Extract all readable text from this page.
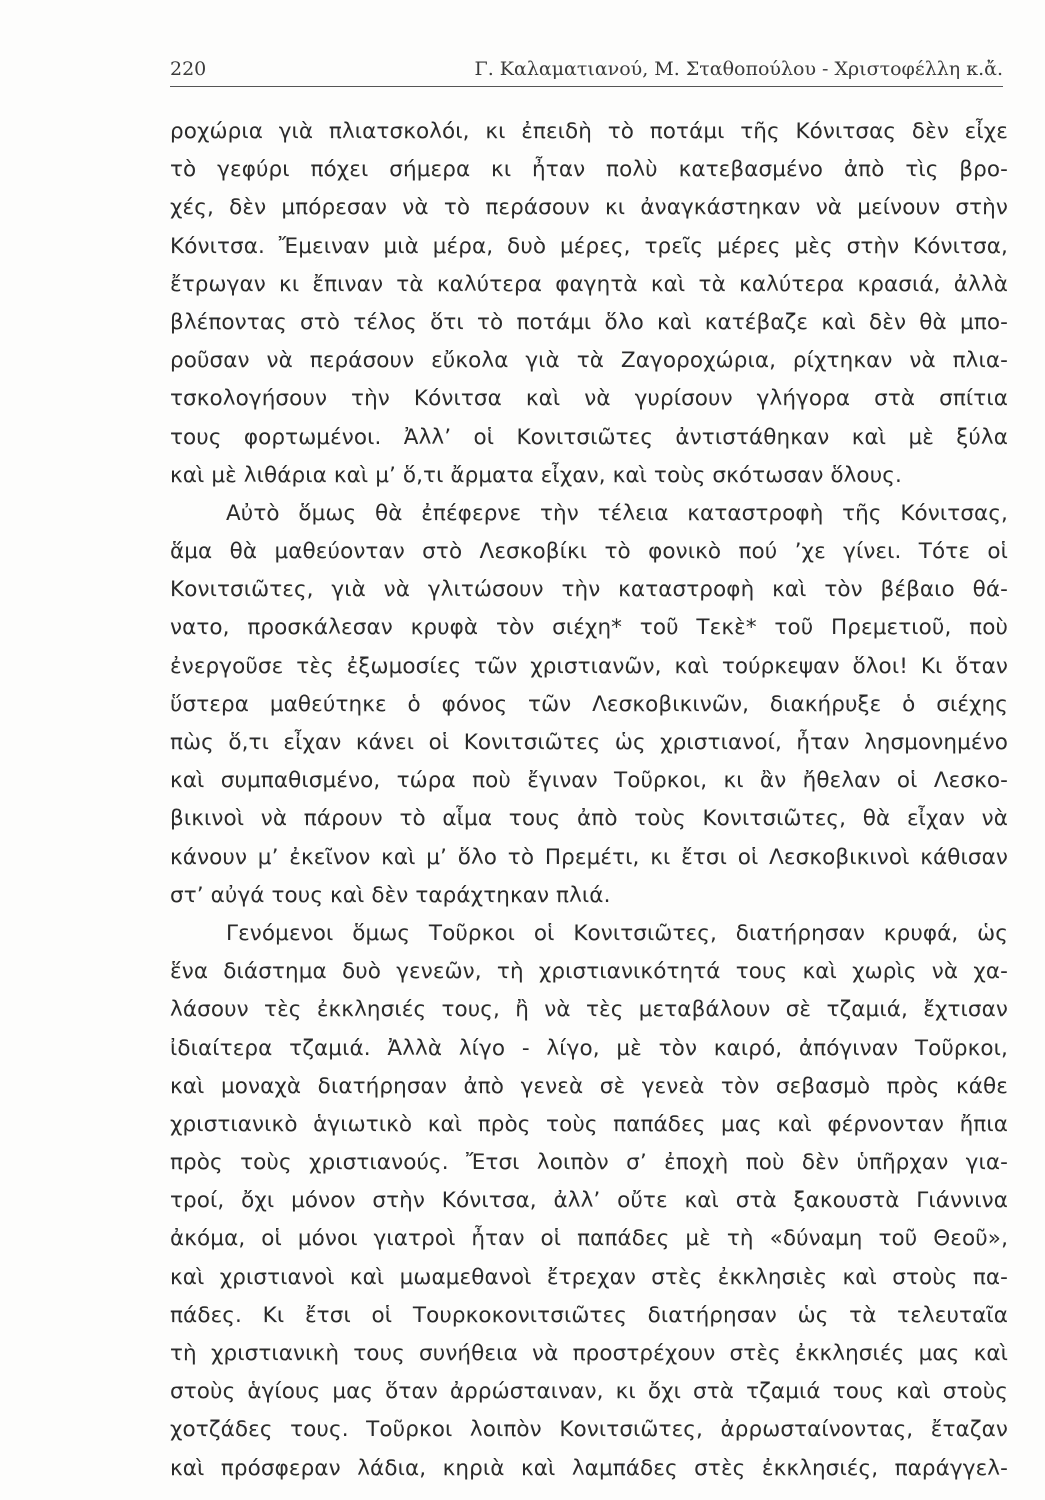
220	Γ. Καλαματιανού, Μ. Σταθοπούλου - Χριστοφέλλη κ.ἄ.
ροχώρια γιὰ πλιατσκολόι, κι ἐπειδὴ τὸ ποτάμι τῆς Κόνιτσας δὲν εἶχε
τὸ γεφύρι πόχει σήμερα κι ἦταν πολὺ κατεβασμένο ἀπὸ τὶς βρο-
χές, δὲν μπόρεσαν νὰ τὸ περάσουν κι ἀναγκάστηκαν νὰ μείνουν στὴν
Κόνιτσα. Ἔμειναν μιὰ μέρα, δυὸ μέρες, τρεῖς μέρες μὲς στὴν Κόνιτσα,
ἔτρωγαν κι ἔπιναν τὰ καλύτερα φαγητὰ καὶ τὰ καλύτερα κρασιά, ἀλλὰ
βλέποντας στὸ τέλος ὅτι τὸ ποτάμι ὅλο καὶ κατέβαζε καὶ δὲν θὰ μπο-
ροῦσαν νὰ περάσουν εὔκολα γιὰ τὰ Ζαγοροχώρια, ρίχτηκαν νὰ πλια-
τσκολογήσουν τὴν Κόνιτσα καὶ νὰ γυρίσουν γλήγορα στὰ σπίτια
τους φορτωμένοι. Ἀλλ’ οἱ Κονιτσιῶτες ἀντιστάθηκαν καὶ μὲ ξύλα
καὶ μὲ λιθάρια καὶ μ’ ὅ,τι ἄρματα εἶχαν, καὶ τοὺς σκότωσαν ὅλους.
Αὐτὸ ὅμως θὰ ἐπέφερνε τὴν τέλεια καταστροφὴ τῆς Κόνιτσας,
ἅμα θὰ μαθεύονταν στὸ Λεσκοβίκι τὸ φονικὸ πού ’χε γίνει. Τότε οἱ
Κονιτσιῶτες, γιὰ νὰ γλιτώσουν τὴν καταστροφὴ καὶ τὸν βέβαιο θά-
νατο, προσκάλεσαν κρυφὰ τὸν σιέχη* τοῦ Τεκὲ* τοῦ Πρεμετιοῦ, ποὺ
ἐνεργοῦσε τὲς ἐξωμοσίες τῶν χριστιανῶν, καὶ τούρκεψαν ὅλοι! Κι ὅταν
ὕστερα μαθεύτηκε ὁ φόνος τῶν Λεσκοβικινῶν, διακήρυξε ὁ σιέχης
πὼς ὅ,τι εἶχαν κάνει οἱ Κονιτσιῶτες ὡς χριστιανοί, ἦταν λησμονημένο
καὶ συμπαθισμένο, τώρα ποὺ ἔγιναν Τοῦρκοι, κι ἂν ἤθελαν οἱ Λεσκο-
βικινοὶ νὰ πάρουν τὸ αἷμα τους ἀπὸ τοὺς Κονιτσιῶτες, θὰ εἶχαν νὰ
κάνουν μ’ ἐκεῖνον καὶ μ’ ὅλο τὸ Πρεμέτι, κι ἔτσι οἱ Λεσκοβικινοὶ κάθισαν
στ’ αὐγά τους καὶ δὲν ταράχτηκαν πλιά.
Γενόμενοι ὅμως Τοῦρκοι οἱ Κονιτσιῶτες, διατήρησαν κρυφά, ὡς
ἕνα διάστημα δυὸ γενεῶν, τὴ χριστιανικότητά τους καὶ χωρὶς νὰ χα-
λάσουν τὲς ἐκκλησιές τους, ἢ νὰ τὲς μεταβάλουν σὲ τζαμιά, ἔχτισαν
ἰδιαίτερα τζαμιά. Ἀλλὰ λίγο - λίγο, μὲ τὸν καιρό, ἀπόγιναν Τοῦρκοι,
καὶ μοναχὰ διατήρησαν ἀπὸ γενεὰ σὲ γενεὰ τὸν σεβασμὸ πρὸς κάθε
χριστιανικὸ ἁγιωτικὸ καὶ πρὸς τοὺς παπάδες μας καὶ φέρνονταν ἤπια
πρὸς τοὺς χριστιανούς. Ἔτσι λοιπὸν σ’ ἐποχὴ ποὺ δὲν ὑπῆρχαν για-
τροί, ὄχι μόνον στὴν Κόνιτσα, ἀλλ’ οὔτε καὶ στὰ ξακουστὰ Γιάννινα
ἀκόμα, οἱ μόνοι γιατροὶ ἦταν οἱ παπάδες μὲ τὴ «δύναμη τοῦ Θεοῦ»,
καὶ χριστιανοὶ καὶ μωαμεθανοὶ ἔτρεχαν στὲς ἐκκλησιὲς καὶ στοὺς πα-
πάδες. Κι ἔτσι οἱ Τουρκοκονιτσιῶτες διατήρησαν ὡς τὰ τελευταῖα
τὴ χριστιανικὴ τους συνήθεια νὰ προστρέχουν στὲς ἐκκλησιές μας καὶ
στοὺς ἁγίους μας ὅταν ἀρρώσταιναν, κι ὄχι στὰ τζαμιά τους καὶ στοὺς
χοτζάδες τους. Τοῦρκοι λοιπὸν Κονιτσιῶτες, ἀρρωσταίνοντας, ἔταζαν
καὶ πρόσφεραν λάδια, κηριὰ καὶ λαμπάδες στὲς ἐκκλησιές, παράγγελ-
